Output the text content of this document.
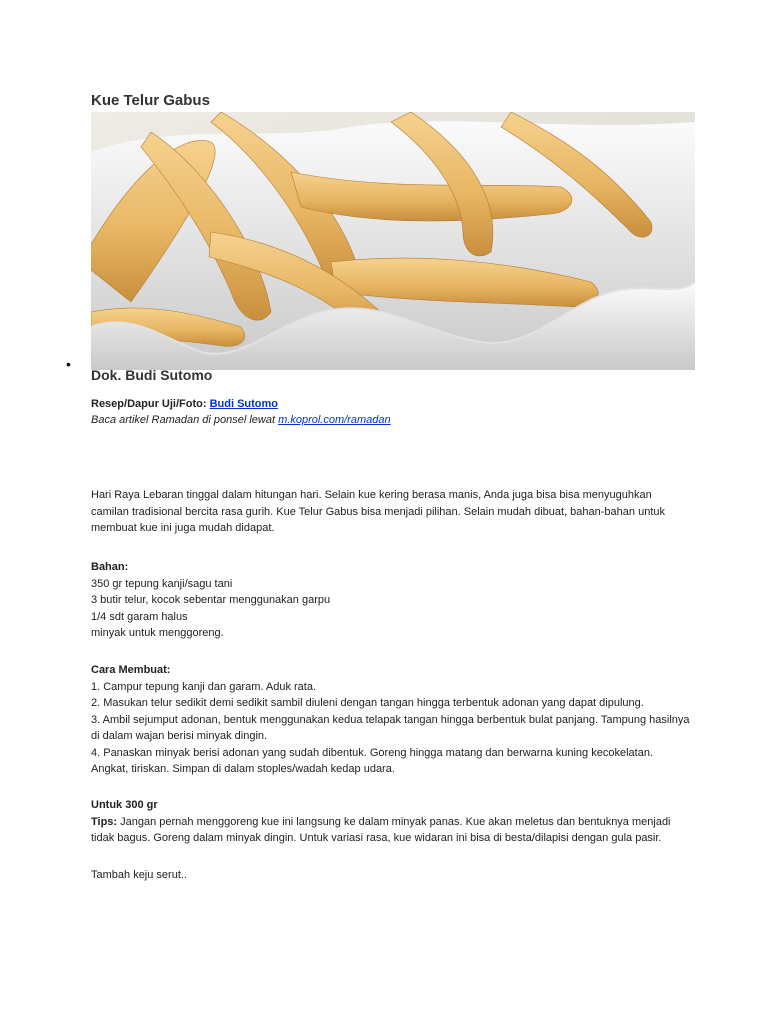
Kue Telur Gabus
•
Dok. Budi Sutomo
Resep/Dapur Uji/Foto: Budi Sutomo
Baca artikel Ramadan di ponsel lewat m.koprol.com/ramadan

Hari Raya Lebaran tinggal dalam hitungan hari. Selain kue kering berasa manis, Anda juga bisa bisa menyuguhkan camilan tradisional bercita rasa gurih. Kue Telur Gabus bisa menjadi pilihan. Selain mudah dibuat, bahan-bahan untuk membuat kue ini juga mudah didapat.

Bahan:

350 gr tepung kanji/sagu tani

3 butir telur, kocok sebentar menggunakan garpu

1/4 sdt garam halus

minyak untuk menggoreng.

Cara Membuat:

1. Campur tepung kanji dan garam. Aduk rata.

2. Masukan telur sedikit demi sedikit sambil diuleni dengan tangan hingga terbentuk adonan yang dapat dipulung.

3. Ambil sejumput adonan, bentuk menggunakan kedua telapak tangan hingga berbentuk bulat panjang. Tampung hasilnya di dalam wajan berisi minyak dingin.

4. Panaskan minyak berisi adonan yang sudah dibentuk. Goreng hingga matang dan berwarna kuning kecokelatan. Angkat, tiriskan. Simpan di dalam stoples/wadah kedap udara.

Untuk 300 gr

Tips: Jangan pernah menggoreng kue ini langsung ke dalam minyak panas. Kue akan meletus dan bentuknya menjadi tidak bagus. Goreng dalam minyak dingin. Untuk variasi rasa, kue widaran ini bisa di besta/dilapisi dengan gula pasir.

Tambah keju serut..
